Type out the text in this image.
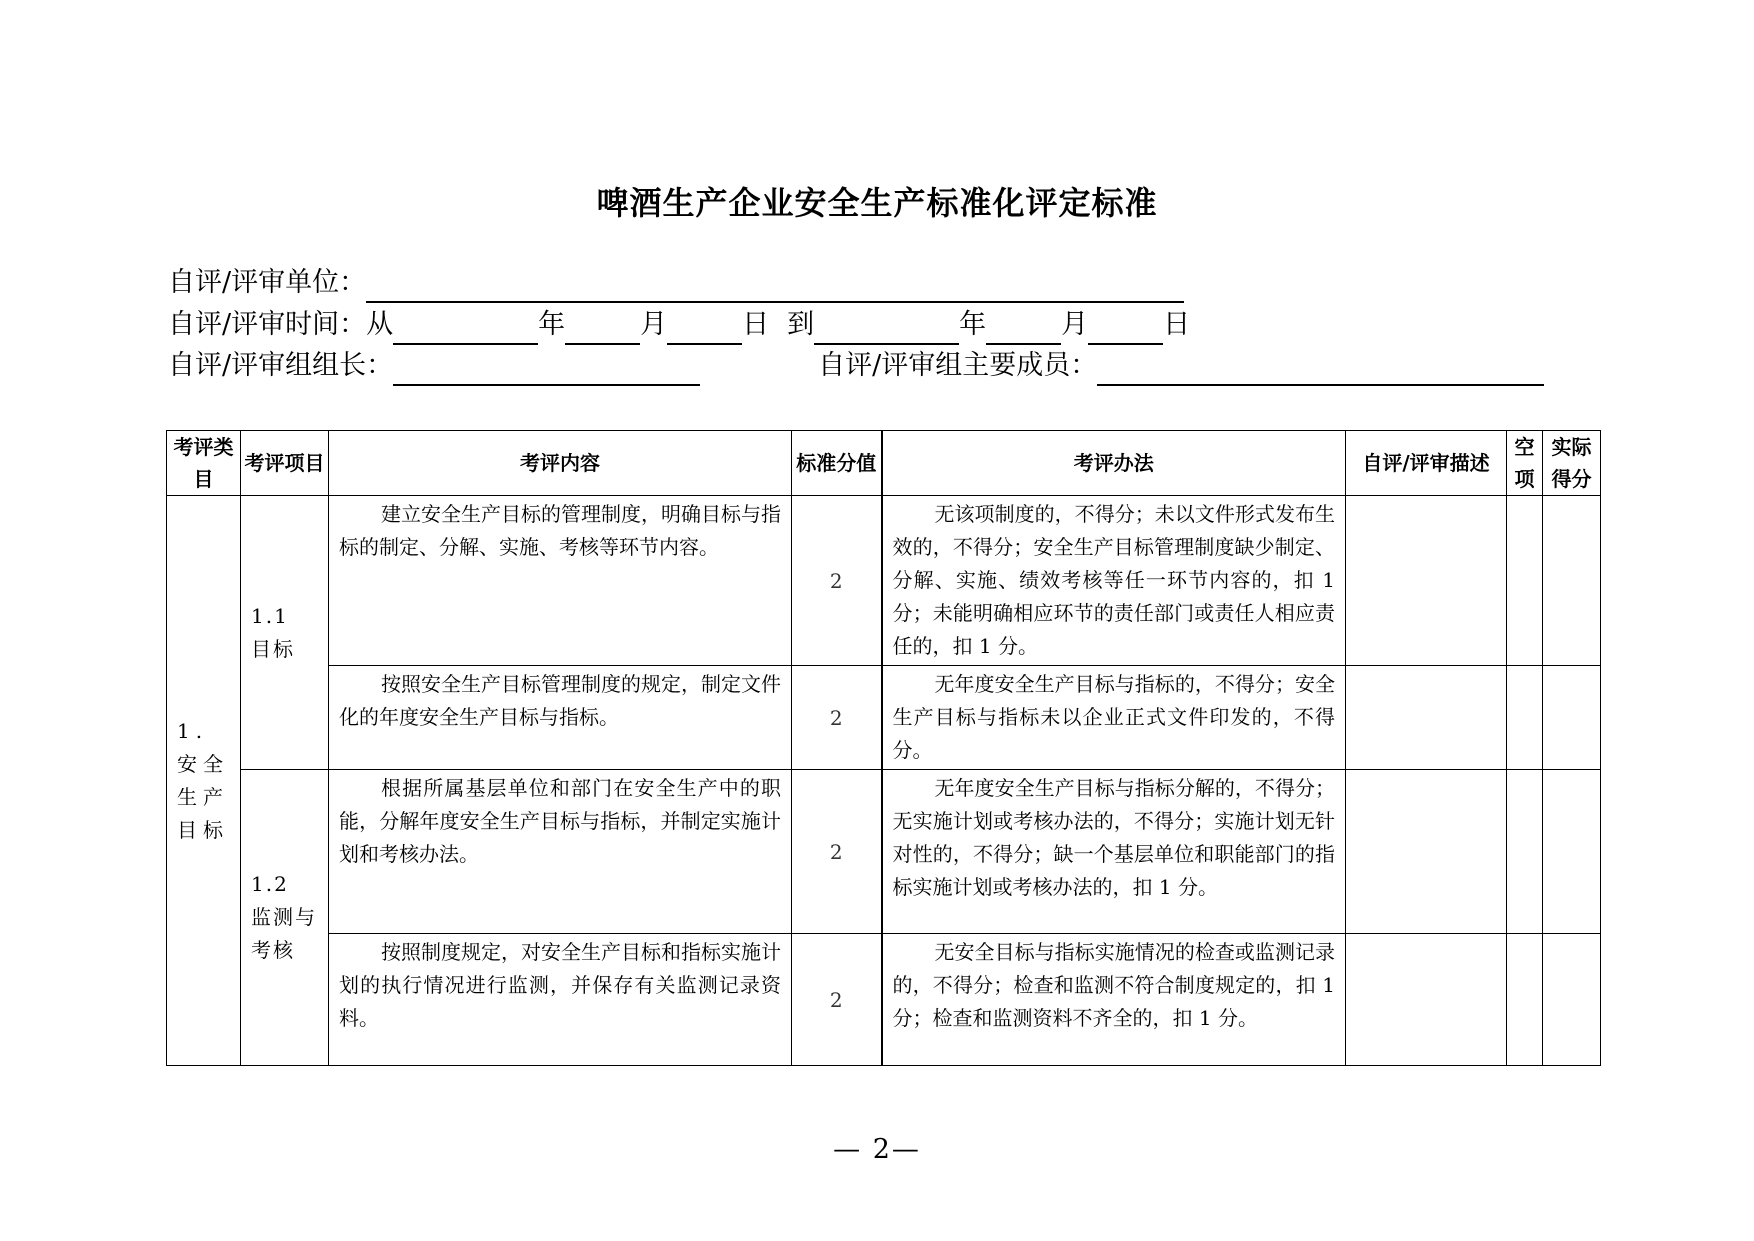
啤酒生产企业安全生产标准化评定标准
自评/评审单位：
自评/评审时间：从	年	月	日 到	年	月	日
自评/评审组组长：	自评/评审组主要成员：
考评类目	考评项目	考评内容	标准分值	考评办法	自评/评审描述	空项	实际得分
1. 安全生产目标	1.1 目标	建立安全生产目标的管理制度，明确目标与指标的制定、分解、实施、考核等环节内容。	2	无该项制度的，不得分；未以文件形式发布生效的，不得分；安全生产目标管理制度缺少制定、分解、实施、绩效考核等任一环节内容的，扣 1 分；未能明确相应环节的责任部门或责任人相应责任的，扣 1 分。			
		按照安全生产目标管理制度的规定，制定文件化的年度安全生产目标与指标。	2	无年度安全生产目标与指标的，不得分；安全生产目标与指标未以企业正式文件印发的，不得分。			
	1.2 监测与考核	根据所属基层单位和部门在安全生产中的职能，分解年度安全生产目标与指标，并制定实施计划和考核办法。	2	无年度安全生产目标与指标分解的，不得分；无实施计划或考核办法的，不得分；实施计划无针对性的，不得分；缺一个基层单位和职能部门的指标实施计划或考核办法的，扣 1 分。			
		按照制度规定，对安全生产目标和指标实施计划的执行情况进行监测，并保存有关监测记录资料。	2	无安全目标与指标实施情况的检查或监测记录的，不得分；检查和监测不符合制度规定的，扣 1 分；检查和监测资料不齐全的，扣 1 分。			
— 2—
